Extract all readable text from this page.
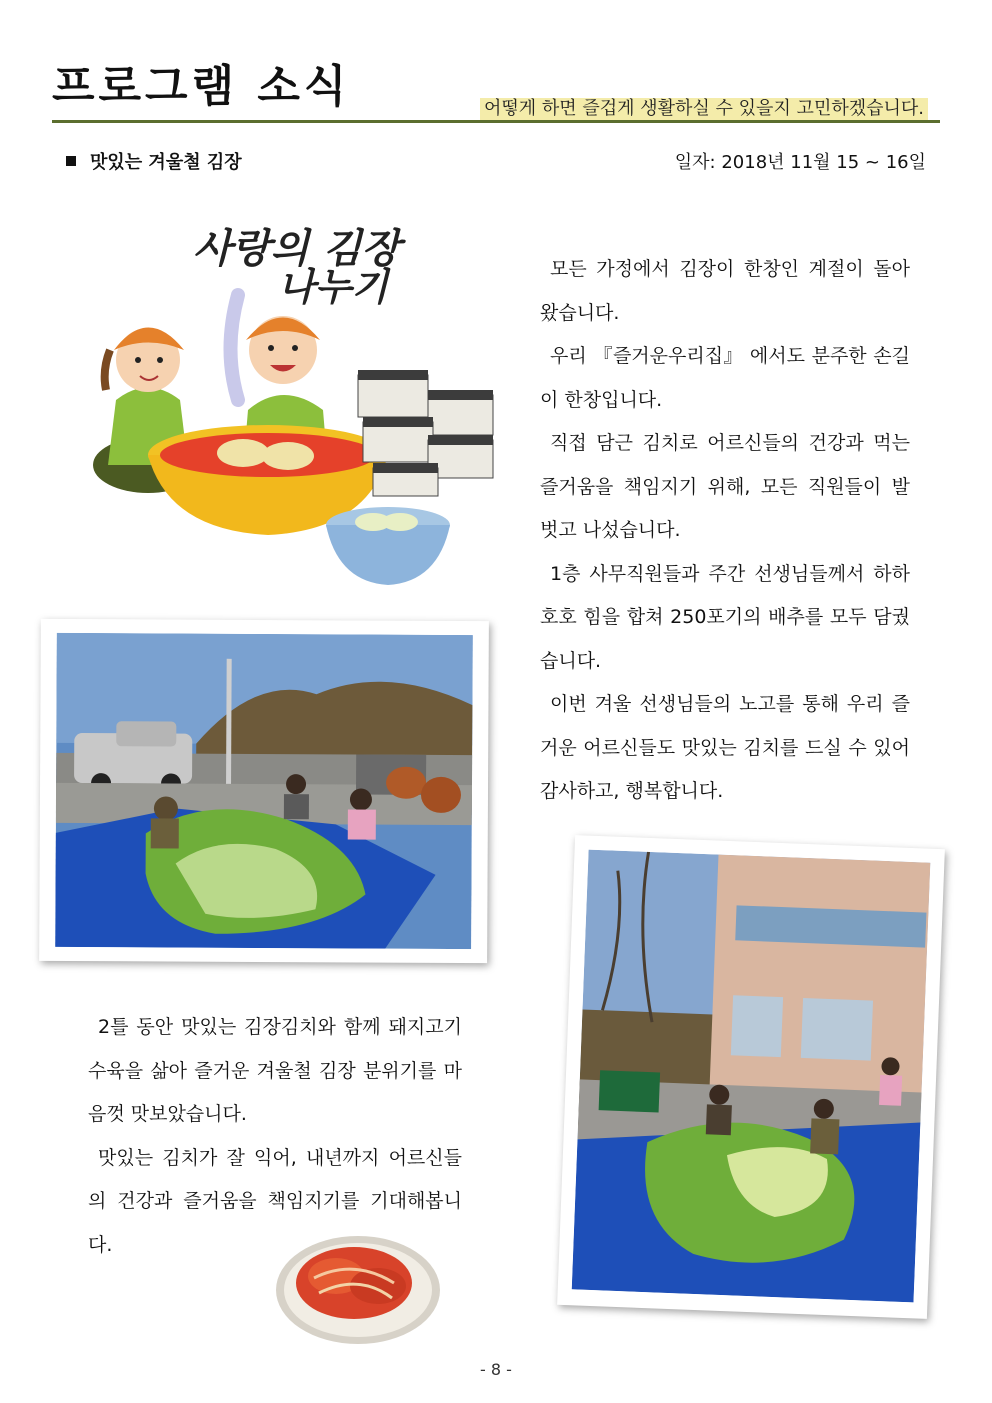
프로그램 소식	어떻게 하면 즐겁게 생활하실 수 있을지 고민하겠습니다.
맛있는 겨울철 김장	일자: 2018년 11월 15 ~ 16일
사랑의 김장
나누기	모든 가정에서 김장이 한창인 계절이 돌아왔습니다.

우리 『즐거운우리집』 에서도 분주한 손길이 한창입니다.

직접 담근 김치로 어르신들의 건강과 먹는 즐거움을 책임지기 위해, 모든 직원들이 발 벗고 나섰습니다.

1층 사무직원들과 주간 선생님들께서 하하호호 힘을 합쳐 250포기의 배추를 모두 담궜습니다.

이번 겨울 선생님들의 노고를 통해 우리 즐거운 어르신들도 맛있는 김치를 드실 수 있어 감사하고, 행복합니다.

2틀 동안 맛있는 김장김치와 함께 돼지고기 수육을 삶아 즐거운 겨울철 김장 분위기를 마음껏 맛보았습니다.

맛있는 김치가 잘 익어, 내년까지 어르신들의 건강과 즐거움을 책임지기를 기대해봅니다.

- 8 -
